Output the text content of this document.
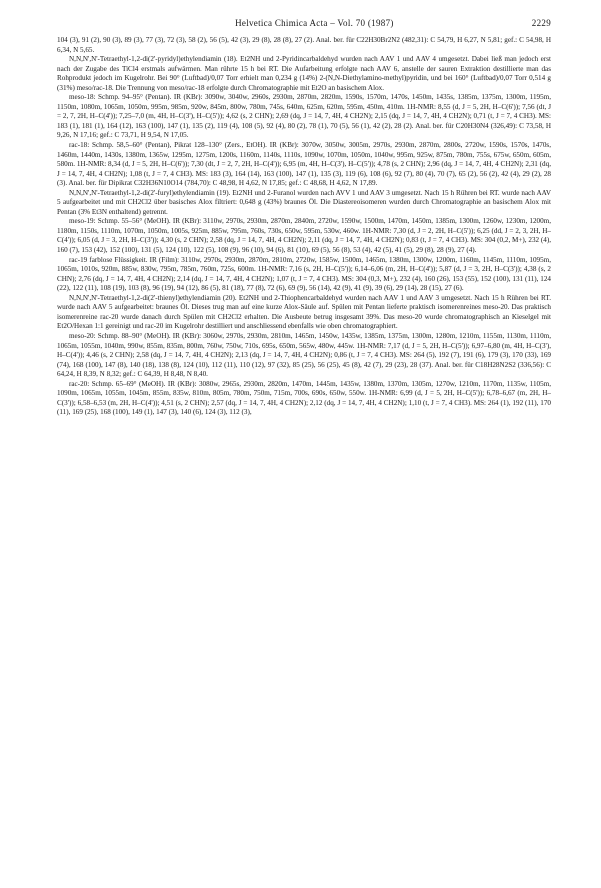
Helvetica Chimica Acta – Vol. 70 (1987)	2229

104 (3), 91 (2), 90 (3), 89 (3), 77 (3), 72 (3), 58 (2), 56 (5), 42 (3), 29 (8), 28 (8), 27 (2). Anal. ber. für C22H30Br2N2 (482,31): C 54,79, H 6,27, N 5,81; gef.: C 54,98, H 6,34, N 5,65.

N,N,N',N'-Tetraethyl-1,2-di(2'-pyridyl)ethylendiamin (18). Et2NH und 2-Pyridincarbaldehyd wurden nach AAV 1 und AAV 4 umgesetzt. Dabei ließ man jedoch erst nach der Zugabe des TiCl4 erstmals aufwärmen. Man rührte 15 h bei RT. Die Aufarbeitung erfolgte nach AAV 6, anstelle der sauren Extraktion destillierte man das Rohprodukt jedoch im Kugelrohr. Bei 90° (Luftbad)/0,07 Torr erhielt man 0,234 g (14%) 2-(N,N-Diethylamino-methyl)pyridin, und bei 160° (Luftbad)/0,07 Torr 0,514 g (31%) meso/rac-18. Die Trennung von meso/rac-18 erfolgte durch Chromatographie mit Et2O an basischem Alox.

meso-18: Schmp. 94–95° (Pentan). IR (KBr): 3090w, 3040w, 2960s, 2930m, 2870m, 2820m, 1590s, 1570m, 1470s, 1450m, 1435s, 1385m, 1375m, 1300m, 1195m, 1150m, 1080m, 1065m, 1050m, 995m, 985m, 920w, 845m, 800w, 780m, 745s, 640m, 625m, 620m, 595m, 450m, 410m. 1H-NMR: 8,55 (d, J = 5, 2H, H–C(6')); 7,56 (dt, J = 2, 7, 2H, H–C(4')); 7,25–7,0 (m, 4H, H–C(3'), H–C(5')); 4,62 (s, 2 CHN); 2,69 (dq, J = 14, 7, 4H, 4 CH2N); 2,15 (dq, J = 14, 7, 4H, 4 CH2N); 0,71 (t, J = 7, 4 CH3). MS: 183 (1), 181 (1), 164 (12), 163 (100), 147 (1), 135 (2), 119 (4), 108 (5), 92 (4), 80 (2), 78 (1), 70 (5), 56 (1), 42 (2), 28 (2). Anal. ber. für C20H30N4 (326,49): C 73,58, H 9,26, N 17,16; gef.: C 73,71, H 9,54, N 17,05.

rac-18: Schmp. 58,5–60° (Pentan), Pikrat 128–130° (Zers., EtOH). IR (KBr): 3070w, 3050w, 3005m, 2970s, 2930m, 2870m, 2800s, 2720w, 1590s, 1570s, 1470s, 1460m, 1440m, 1430s, 1380m, 1365w, 1295m, 1275m, 1200s, 1160m, 1140s, 1110s, 1090w, 1070m, 1050m, 1040w, 995m, 925w, 875m, 780m, 755s, 675w, 650m, 605m, 580m. 1H-NMR: 8,34 (d, J = 5, 2H, H–C(6')); 7,30 (dt, J = 2, 7, 2H, H–C(4')); 6,95 (m, 4H, H–C(3'), H–C(5')); 4,78 (s, 2 CHN); 2,96 (dq, J = 14, 7, 4H, 4 CH2N); 2,31 (dq, J = 14, 7, 4H, 4 CH2N); 1,08 (t, J = 7, 4 CH3). MS: 183 (3), 164 (14), 163 (100), 147 (1), 135 (3), 119 (6), 108 (6), 92 (7), 80 (4), 70 (7), 65 (2), 56 (2), 42 (4), 29 (2), 28 (3). Anal. ber. für Dipikrat C32H36N10O14 (784,70): C 48,98, H 4,62, N 17,85; gef.: C 48,68, H 4,62, N 17,89.

N,N,N',N'-Tetraethyl-1,2-di(2'-furyl)ethylendiamin (19). Et2NH und 2-Furanol wurden nach AVV 1 und AAV 3 umgesetzt. Nach 15 h Rühren bei RT. wurde nach AAV 5 aufgearbeitet und mit CH2Cl2 über basisches Alox filtriert: 0,648 g (43%) braunes Öl. Die Diastereoisomeren wurden durch Chromatographie an basischem Alox mit Pentan (3% Et3N enthaltend) getrennt.

meso-19: Schmp. 55–56° (MeOH). IR (KBr): 3110w, 2970s, 2930m, 2870m, 2840m, 2720w, 1590w, 1500m, 1470m, 1450m, 1385m, 1300m, 1260w, 1230m, 1200m, 1180m, 1150s, 1110m, 1070m, 1050m, 1005s, 925m, 885w, 795m, 760s, 730s, 650w, 595m, 530w, 460w. 1H-NMR: 7,30 (d, J = 2, 2H, H–C(5')); 6,25 (dd, J = 2, 3, 2H, H–C(4')); 6,05 (d, J = 3, 2H, H–C(3')); 4,30 (s, 2 CHN); 2,58 (dq, J = 14, 7, 4H, 4 CH2N); 2,11 (dq, J = 14, 7, 4H, 4 CH2N); 0,83 (t, J = 7, 4 CH3). MS: 304 (0,2, M+), 232 (4), 160 (7), 153 (42), 152 (100), 131 (5), 124 (10), 122 (5), 108 (9), 96 (10), 94 (6), 81 (10), 69 (5), 56 (8), 53 (4), 42 (5), 41 (5), 29 (8), 28 (9), 27 (4).

rac-19 farblose Flüssigkeit. IR (Film): 3110w, 2970s, 2930m, 2870m, 2810m, 2720w, 1585w, 1500m, 1465m, 1380m, 1300w, 1200m, 1160m, 1145m, 1110m, 1095m, 1065m, 1010s, 920m, 885w, 830w, 795m, 785m, 760m, 725s, 600m. 1H-NMR: 7,16 (s, 2H, H–C(5')); 6,14–6,06 (m, 2H, H–C(4')); 5,87 (d, J = 3, 2H, H–C(3')); 4,38 (s, 2 CHN); 2,76 (dq, J = 14, 7, 4H, 4 CH2N); 2,14 (dq, J = 14, 7, 4H, 4 CH2N); 1,07 (t, J = 7, 4 CH3). MS: 304 (0,3, M+), 232 (4), 160 (26), 153 (55), 152 (100), 131 (11), 124 (22), 122 (11), 108 (19), 103 (8), 96 (19), 94 (12), 86 (5), 81 (18), 77 (8), 72 (6), 69 (9), 56 (14), 42 (9), 41 (9), 39 (6), 29 (14), 28 (15), 27 (6).

N,N,N',N'-Tetraethyl-1,2-di(2'-thienyl)ethylendiamin (20). Et2NH und 2-Thiophencarbaldehyd wurden nach AAV 1 und AAV 3 umgesetzt. Nach 15 h Rühren bei RT. wurde nach AAV 5 aufgearbeitet: braunes Öl. Dieses trug man auf eine kurze Alox-Säule auf. Spülen mit Pentan lieferte praktisch isomerenreines meso-20. Das praktisch isomerenreine rac-20 wurde danach durch Spülen mit CH2Cl2 erhalten. Die Ausbeute betrug insgesamt 39%. Das meso-20 wurde chromatographisch an Kieselgel mit Et2O/Hexan 1:1 gereinigt und rac-20 im Kugelrohr destilliert und anschliessend ebenfalls wie oben chromatographiert.

meso-20: Schmp. 88–90° (MeOH). IR (KBr): 3060w, 2970s, 2930m, 2810m, 1465m, 1450w, 1435w, 1385m, 1375m, 1300m, 1280m, 1210m, 1155m, 1130m, 1110m, 1065m, 1055m, 1040m, 990w, 855m, 835m, 800m, 760w, 750w, 710s, 695s, 650m, 565w, 480w, 445w. 1H-NMR: 7,17 (d, J = 5, 2H, H–C(5')); 6,97–6,80 (m, 4H, H–C(3'), H–C(4')); 4,46 (s, 2 CHN); 2,58 (dq, J = 14, 7, 4H, 4 CH2N); 2,13 (dq, J = 14, 7, 4H, 4 CH2N); 0,86 (t, J = 7, 4 CH3). MS: 264 (5), 192 (7), 191 (6), 179 (3), 170 (33), 169 (74), 168 (100), 147 (8), 140 (18), 138 (8), 124 (10), 112 (11), 110 (12), 97 (32), 85 (25), 56 (25), 45 (8), 42 (7), 29 (23), 28 (37). Anal. ber. für C18H28N2S2 (336,56): C 64,24, H 8,39, N 8,32; gef.: C 64,39, H 8,48, N 8,40.

rac-20: Schmp. 65–69° (MeOH). IR (KBr): 3080w, 2965s, 2930m, 2820m, 1470m, 1445m, 1435w, 1380m, 1370m, 1305m, 1270w, 1210m, 1170m, 1135w, 1105m, 1090m, 1065m, 1055m, 1045m, 855m, 835w, 810m, 805m, 780m, 750m, 715m, 700s, 690s, 650w, 550w. 1H-NMR: 6,99 (d, J = 5, 2H, H–C(5')); 6,78–6,67 (m, 2H, H–C(3')); 6,58–6,53 (m, 2H, H–C(4')); 4,51 (s, 2 CHN); 2,57 (dq, J = 14, 7, 4H, 4 CH2N); 2,12 (dq, J = 14, 7, 4H, 4 CH2N); 1,10 (t, J = 7, 4 CH3). MS: 264 (1), 192 (11), 170 (11), 169 (25), 168 (100), 149 (1), 147 (3), 140 (6), 124 (3), 112 (3),
